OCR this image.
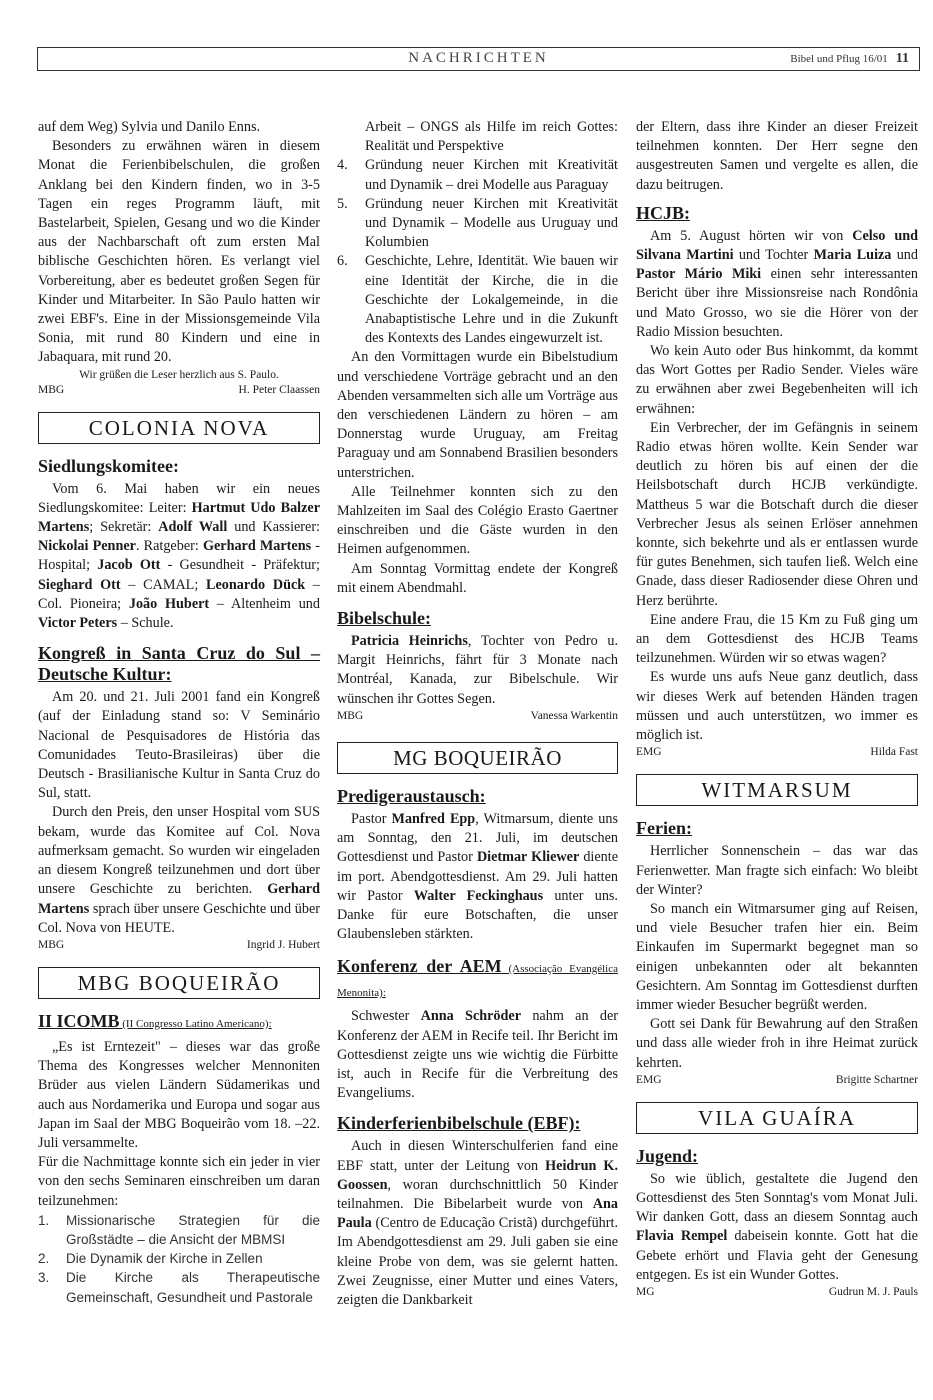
NACHRICHTEN	Bibel und Pflug 16/01 11

auf dem Weg) Sylvia und Danilo Enns.

Besonders zu erwähnen wären in diesem Monat die Ferienbibelschulen, die großen Anklang bei den Kindern finden, wo in 3-5 Tagen ein reges Programm läuft, mit Bastelarbeit, Spielen, Gesang und wo die Kinder aus der Nachbarschaft oft zum ersten Mal biblische Geschichten hören. Es verlangt viel Vorbereitung, aber es bedeutet großen Segen für Kinder und Mitarbeiter. In São Paulo hatten wir zwei EBF's. Eine in der Missionsgemeinde Vila Sonia, mit rund 80 Kindern und eine in Jabaquara, mit rund 20.

Wir grüßen die Leser herzlich aus S. Paulo.
MBG	H. Peter Claassen
COLONIA NOVA
Siedlungskomitee:

Vom 6. Mai haben wir ein neues Siedlungskomitee: Leiter: Hartmut Udo Balzer Martens; Sekretär: Adolf Wall und Kassierer: Nickolai Penner. Ratgeber: Gerhard Martens - Hospital; Jacob Ott - Gesundheit - Präfektur; Sieghard Ott – CAMAL; Leonardo Dück – Col. Pioneira; João Hubert – Altenheim und Victor Peters – Schule.

Kongreß in Santa Cruz do Sul – Deutsche Kultur:

Am 20. und 21. Juli 2001 fand ein Kongreß (auf der Einladung stand so: V Seminário Nacional de Pesquisadores de História das Comunidades Teuto-Brasileiras) über die Deutsch - Brasilianische Kultur in Santa Cruz do Sul, statt.

Durch den Preis, den unser Hospital vom SUS bekam, wurde das Komitee auf Col. Nova aufmerksam gemacht. So wurden wir eingeladen an diesem Kongreß teilzunehmen und dort über unsere Geschichte zu berichten. Gerhard Martens sprach über unsere Geschichte und über Col. Nova von HEUTE.

MBG	Ingrid J. Hubert
MBG BOQUEIRÃO
II ICOMB (II Congresso Latino Americano):

„Es ist Erntezeit" – dieses war das große Thema des Kongresses welcher Mennoniten Brüder aus vielen Ländern Südamerikas und auch aus Nordamerika und Europa und sogar aus Japan im Saal der MBG Boqueirão vom 18. –22. Juli versammelte.

Für die Nachmittage konnte sich ein jeder in vier von den sechs Seminaren einschreiben um daran teilzunehmen:

1. Missionarische Strategien für die Großstädte – die Ansicht der MBMSI
2. Die Dynamik der Kirche in Zellen
3. Die Kirche als Therapeutische Gemeinschaft, Gesundheit und Pastorale

Arbeit – ONGS als Hilfe im reich Gottes: Realität und Perspektive

4. Gründung neuer Kirchen mit Kreativität und Dynamik – drei Modelle aus Paraguay
5. Gründung neuer Kirchen mit Kreativität und Dynamik – Modelle aus Uruguay und Kolumbien
6. Geschichte, Lehre, Identität. Wie bauen wir eine Identität der Kirche, die in die Geschichte der Lokalgemeinde, in die Anabaptistische Lehre und in die Zukunft des Kontexts des Landes eingewurzelt ist.

An den Vormittagen wurde ein Bibelstudium und verschiedene Vorträge gebracht und an den Abenden versammelten sich alle um Vorträge aus den verschiedenen Ländern zu hören – am Donnerstag wurde Uruguay, am Freitag Paraguay und am Sonnabend Brasilien besonders unterstrichen.

Alle Teilnehmer konnten sich zu den Mahlzeiten im Saal des Colégio Erasto Gaertner einschreiben und die Gäste wurden in den Heimen aufgenommen.

Am Sonntag Vormittag endete der Kongreß mit einem Abendmahl.

Bibelschule:

Patricia Heinrichs, Tochter von Pedro u. Margit Heinrichs, fährt für 3 Monate nach Montréal, Kanada, zur Bibelschule. Wir wünschen ihr Gottes Segen.

MBG	Vanessa Warkentin
MG BOQUEIRÃO
Predigeraustausch:

Pastor Manfred Epp, Witmarsum, diente uns am Sonntag, den 21. Juli, im deutschen Gottesdienst und Pastor Dietmar Kliewer diente im port. Abendgottesdienst. Am 29. Juli hatten wir Pastor Walter Feckinghaus unter uns. Danke für eure Botschaften, die unser Glaubensleben stärkten.

Konferenz der AEM (Associação Evangélica Menonita):

Schwester Anna Schröder nahm an der Konferenz der AEM in Recife teil. Ihr Bericht im Gottesdienst zeigte uns wie wichtig die Fürbitte ist, auch in Recife für die Verbreitung des Evangeliums.

Kinderferienbibelschule (EBF):

Auch in diesen Winterschulferien fand eine EBF statt, unter der Leitung von Heidrun K. Goossen, woran durchschnittlich 50 Kinder teilnahmen. Die Bibelarbeit wurde von Ana Paula (Centro de Educação Cristã) durchgeführt. Im Abendgottesdienst am 29. Juli gaben sie eine kleine Probe von dem, was sie gelernt hatten. Zwei Zeugnisse, einer Mutter und eines Vaters, zeigten die Dankbarkeit

der Eltern, dass ihre Kinder an dieser Freizeit teilnehmen konnten. Der Herr segne den ausgestreuten Samen und vergelte es allen, die dazu beitrugen.

HCJB:

Am 5. August hörten wir von Celso und Silvana Martini und Tochter Maria Luiza und Pastor Mário Miki einen sehr interessanten Bericht über ihre Missionsreise nach Rondônia und Mato Grosso, wo sie die Hörer von der Radio Mission besuchten.

Wo kein Auto oder Bus hinkommt, da kommt das Wort Gottes per Radio Sender. Vieles wäre zu erwähnen aber zwei Begebenheiten will ich erwähnen:

Ein Verbrecher, der im Gefängnis in seinem Radio etwas hören wollte. Kein Sender war deutlich zu hören bis auf einen der die Heilsbotschaft durch HCJB verkündigte. Mattheus 5 war die Botschaft durch die dieser Verbrecher Jesus als seinen Erlöser annehmen konnte, sich bekehrte und als er entlassen wurde für gutes Benehmen, sich taufen ließ. Welch eine Gnade, dass dieser Radiosender diese Ohren und Herz berührte.

Eine andere Frau, die 15 Km zu Fuß ging um an dem Gottesdienst des HCJB Teams teilzunehmen. Würden wir so etwas wagen?

Es wurde uns aufs Neue ganz deutlich, dass wir dieses Werk auf betenden Händen tragen müssen und auch unterstützen, wo immer es möglich ist.

EMG	Hilda Fast
WITMARSUM
Ferien:

Herrlicher Sonnenschein – das war das Ferienwetter. Man fragte sich einfach: Wo bleibt der Winter?

So manch ein Witmarsumer ging auf Reisen, und viele Besucher trafen hier ein. Beim Einkaufen im Supermarkt begegnet man so einigen unbekannten oder alt bekannten Gesichtern. Am Sonntag im Gottesdienst durften immer wieder Besucher begrüßt werden.

Gott sei Dank für Bewahrung auf den Straßen und dass alle wieder froh in ihre Heimat zurück kehrten.

EMG	Brigitte Schartner
VILA GUAÍRA
Jugend:

So wie üblich, gestaltete die Jugend den Gottesdienst des 5ten Sonntag's vom Monat Juli. Wir danken Gott, dass an diesem Sonntag auch Flavia Rempel dabeisein konnte. Gott hat die Gebete erhört und Flavia geht der Genesung entgegen. Es ist ein Wunder Gottes.

MG	Gudrun M. J. Pauls
